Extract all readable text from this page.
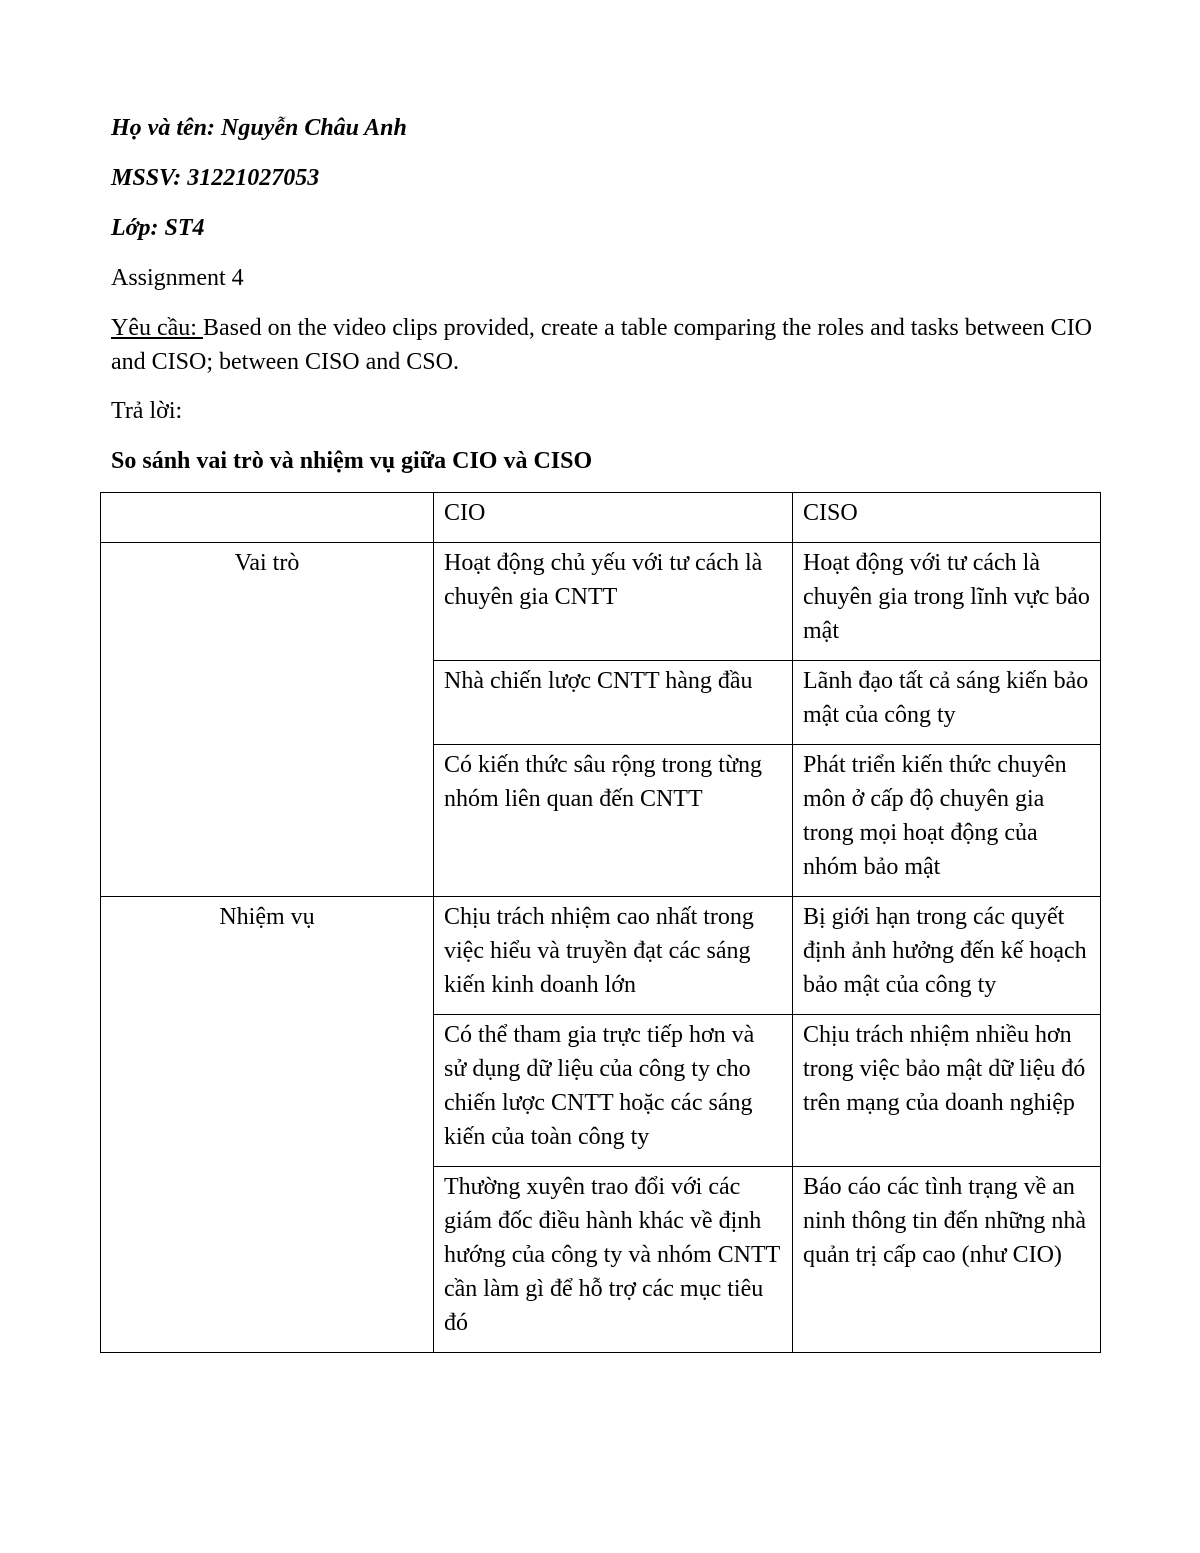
Họ và tên: Nguyễn Châu Anh
MSSV: 31221027053
Lớp: ST4
Assignment 4
Yêu cầu: Based on the video clips provided, create a table comparing the roles and tasks between CIO and CISO; between CISO and CSO.
Trả lời:
So sánh vai trò và nhiệm vụ giữa CIO và CISO
	CIO	CISO
Vai trò	Hoạt động chủ yếu với tư cách là chuyên gia CNTT	Hoạt động với tư cách là chuyên gia trong lĩnh vực bảo mật
	Nhà chiến lược CNTT hàng đầu	Lãnh đạo tất cả sáng kiến bảo mật của công ty
	Có kiến thức sâu rộng trong từng nhóm liên quan đến CNTT	Phát triển kiến thức chuyên môn ở cấp độ chuyên gia trong mọi hoạt động của nhóm bảo mật
Nhiệm vụ	Chịu trách nhiệm cao nhất trong việc hiểu và truyền đạt các sáng kiến kinh doanh lớn	Bị giới hạn trong các quyết định ảnh hưởng đến kế hoạch bảo mật của công ty
	Có thể tham gia trực tiếp hơn và sử dụng dữ liệu của công ty cho chiến lược CNTT hoặc các sáng kiến của toàn công ty	Chịu trách nhiệm nhiều hơn trong việc bảo mật dữ liệu đó trên mạng của doanh nghiệp
	Thường xuyên trao đổi với các giám đốc điều hành khác về định hướng của công ty và nhóm CNTT cần làm gì để hỗ trợ các mục tiêu đó	Báo cáo các tình trạng về an ninh thông tin đến những nhà quản trị cấp cao (như CIO)
